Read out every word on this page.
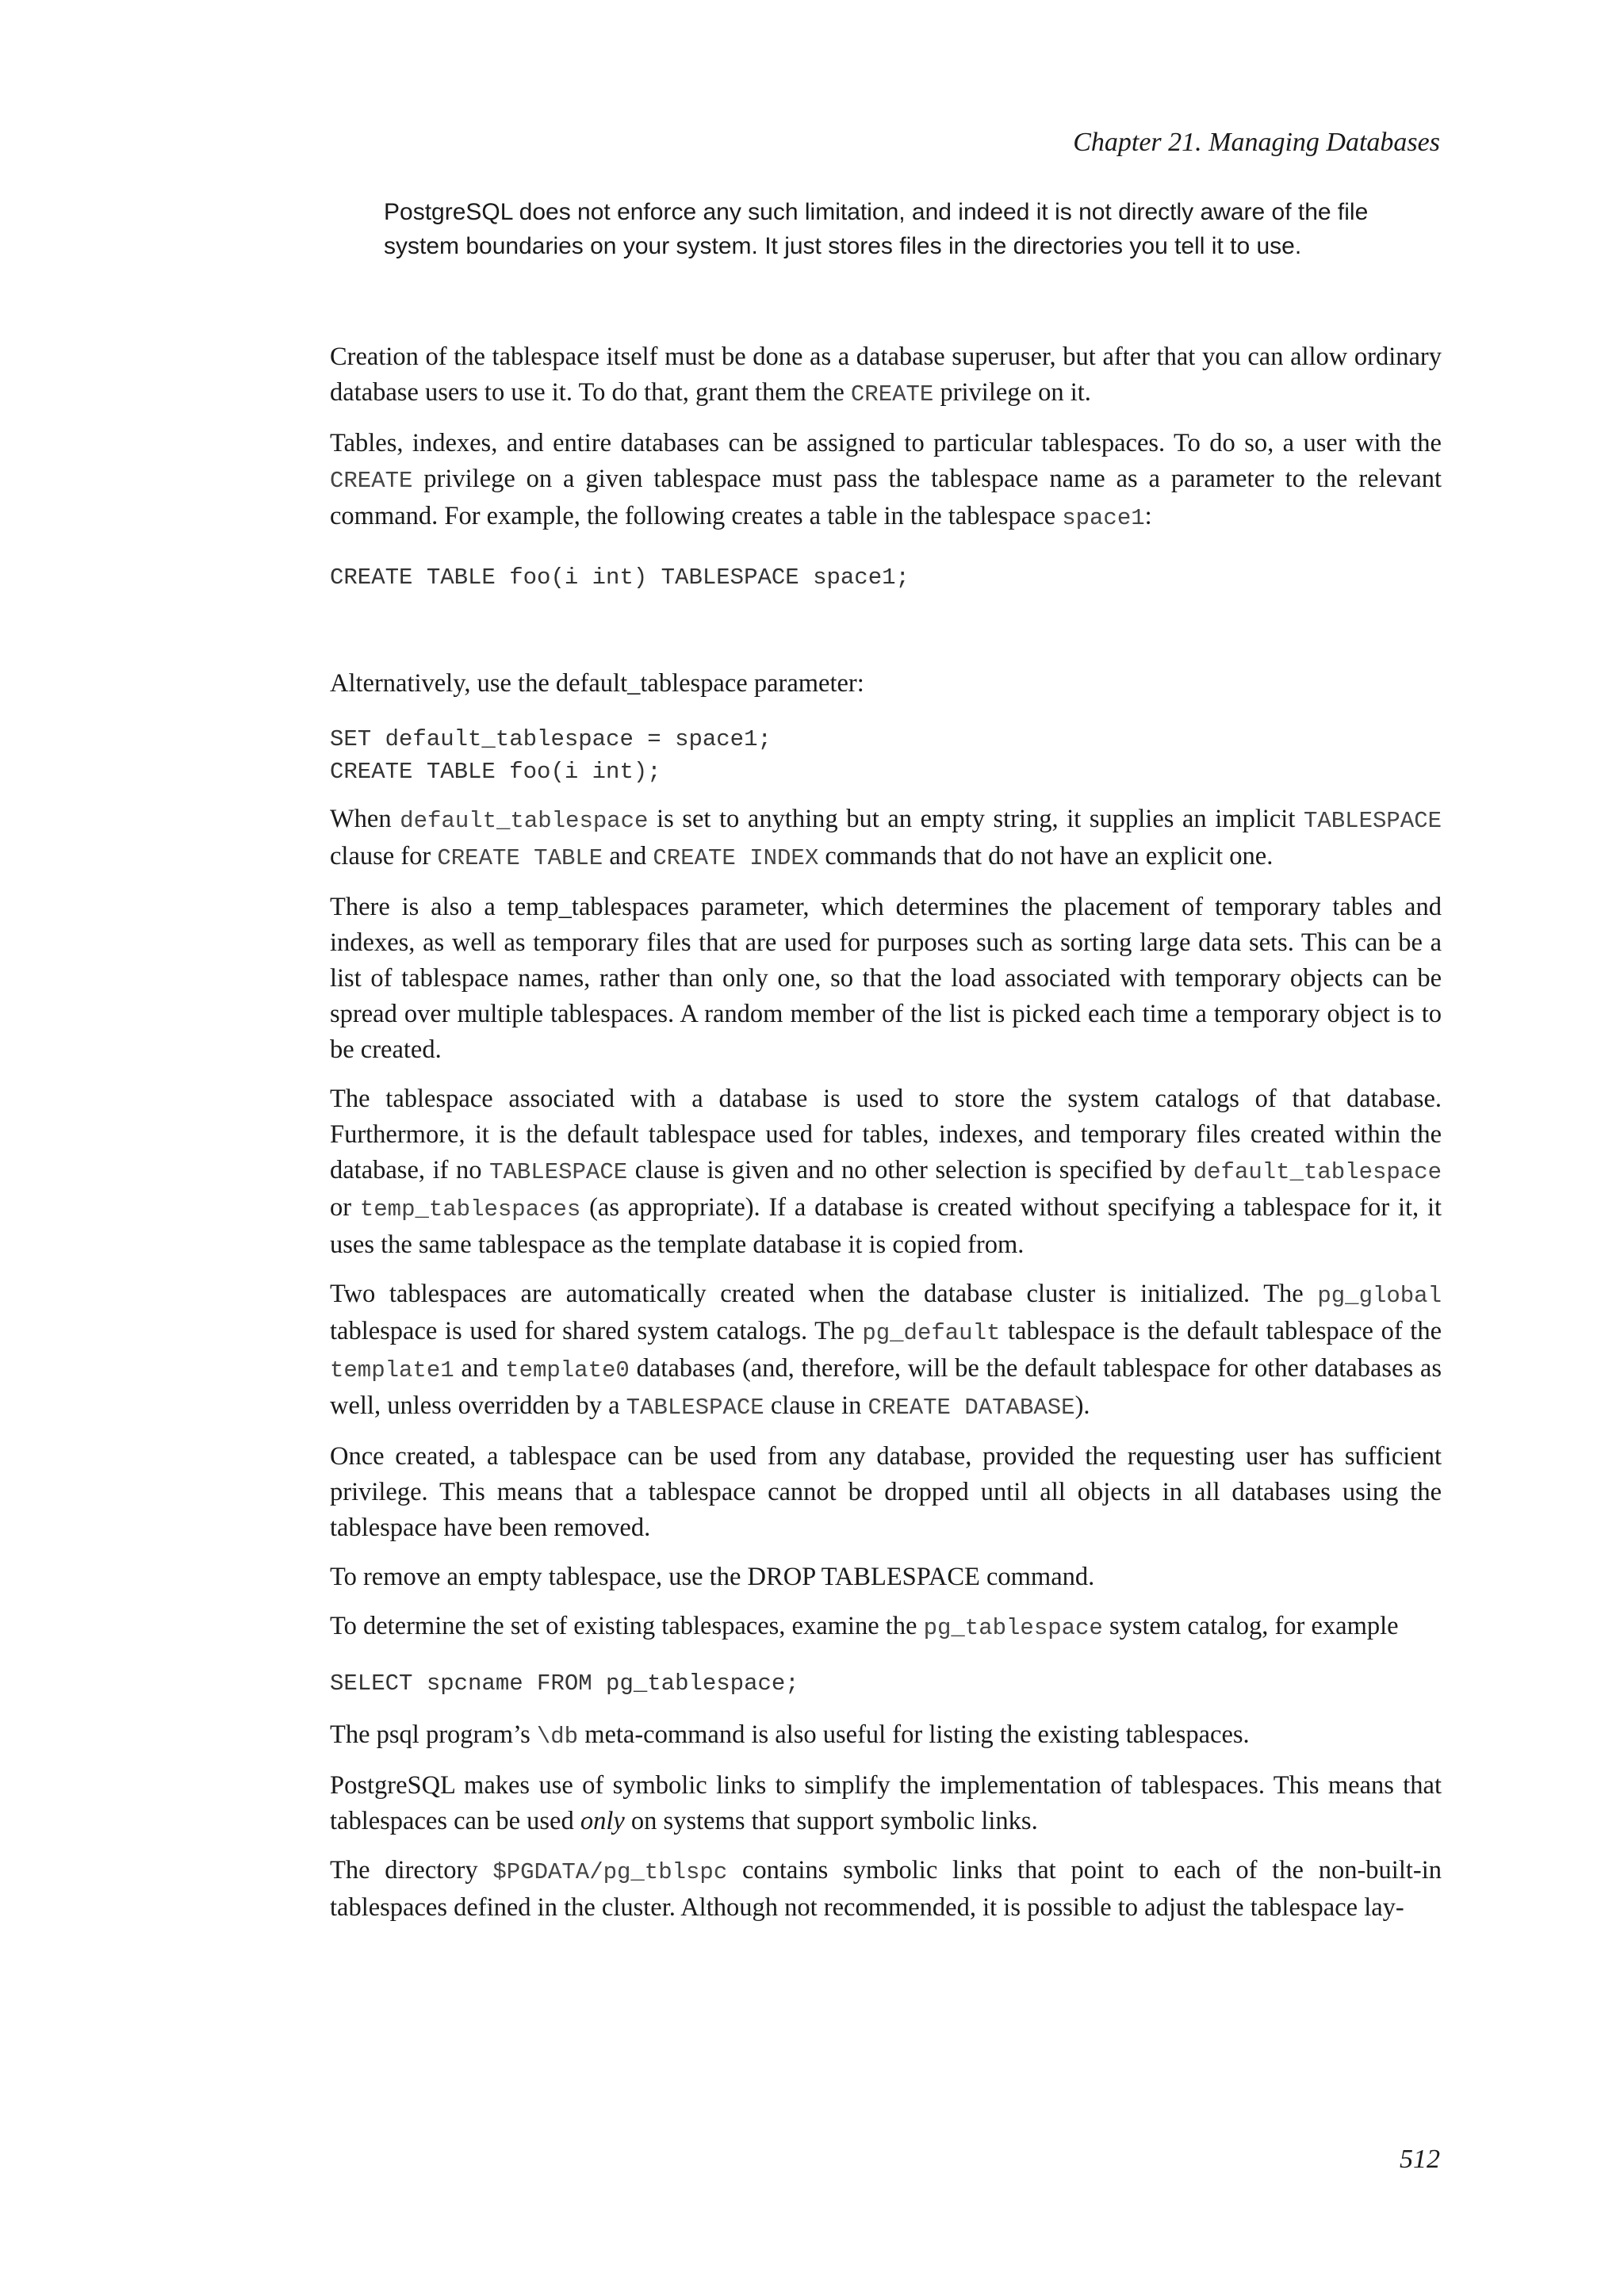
Chapter 21. Managing Databases

PostgreSQL does not enforce any such limitation, and indeed it is not directly aware of the file system boundaries on your system. It just stores files in the directories you tell it to use.

Creation of the tablespace itself must be done as a database superuser, but after that you can allow ordinary database users to use it. To do that, grant them the CREATE privilege on it.

Tables, indexes, and entire databases can be assigned to particular tablespaces. To do so, a user with the CREATE privilege on a given tablespace must pass the tablespace name as a parameter to the relevant command. For example, the following creates a table in the tablespace space1:

CREATE TABLE foo(i int) TABLESPACE space1;

Alternatively, use the default_tablespace parameter:

SET default_tablespace = space1;
CREATE TABLE foo(i int);

When default_tablespace is set to anything but an empty string, it supplies an implicit TABLESPACE clause for CREATE TABLE and CREATE INDEX commands that do not have an explicit one.

There is also a temp_tablespaces parameter, which determines the placement of temporary tables and indexes, as well as temporary files that are used for purposes such as sorting large data sets. This can be a list of tablespace names, rather than only one, so that the load associated with temporary objects can be spread over multiple tablespaces. A random member of the list is picked each time a temporary object is to be created.

The tablespace associated with a database is used to store the system catalogs of that database. Furthermore, it is the default tablespace used for tables, indexes, and temporary files created within the database, if no TABLESPACE clause is given and no other selection is specified by default_tablespace or temp_tablespaces (as appropriate). If a database is created without specifying a tablespace for it, it uses the same tablespace as the template database it is copied from.

Two tablespaces are automatically created when the database cluster is initialized. The pg_global tablespace is used for shared system catalogs. The pg_default tablespace is the default tablespace of the template1 and template0 databases (and, therefore, will be the default tablespace for other databases as well, unless overridden by a TABLESPACE clause in CREATE DATABASE).

Once created, a tablespace can be used from any database, provided the requesting user has sufficient privilege. This means that a tablespace cannot be dropped until all objects in all databases using the tablespace have been removed.

To remove an empty tablespace, use the DROP TABLESPACE command.

To determine the set of existing tablespaces, examine the pg_tablespace system catalog, for example

SELECT spcname FROM pg_tablespace;

The psql program’s \db meta-command is also useful for listing the existing tablespaces.

PostgreSQL makes use of symbolic links to simplify the implementation of tablespaces. This means that tablespaces can be used only on systems that support symbolic links.

The directory $PGDATA/pg_tblspc contains symbolic links that point to each of the non-built-in tablespaces defined in the cluster. Although not recommended, it is possible to adjust the tablespace lay-

512
